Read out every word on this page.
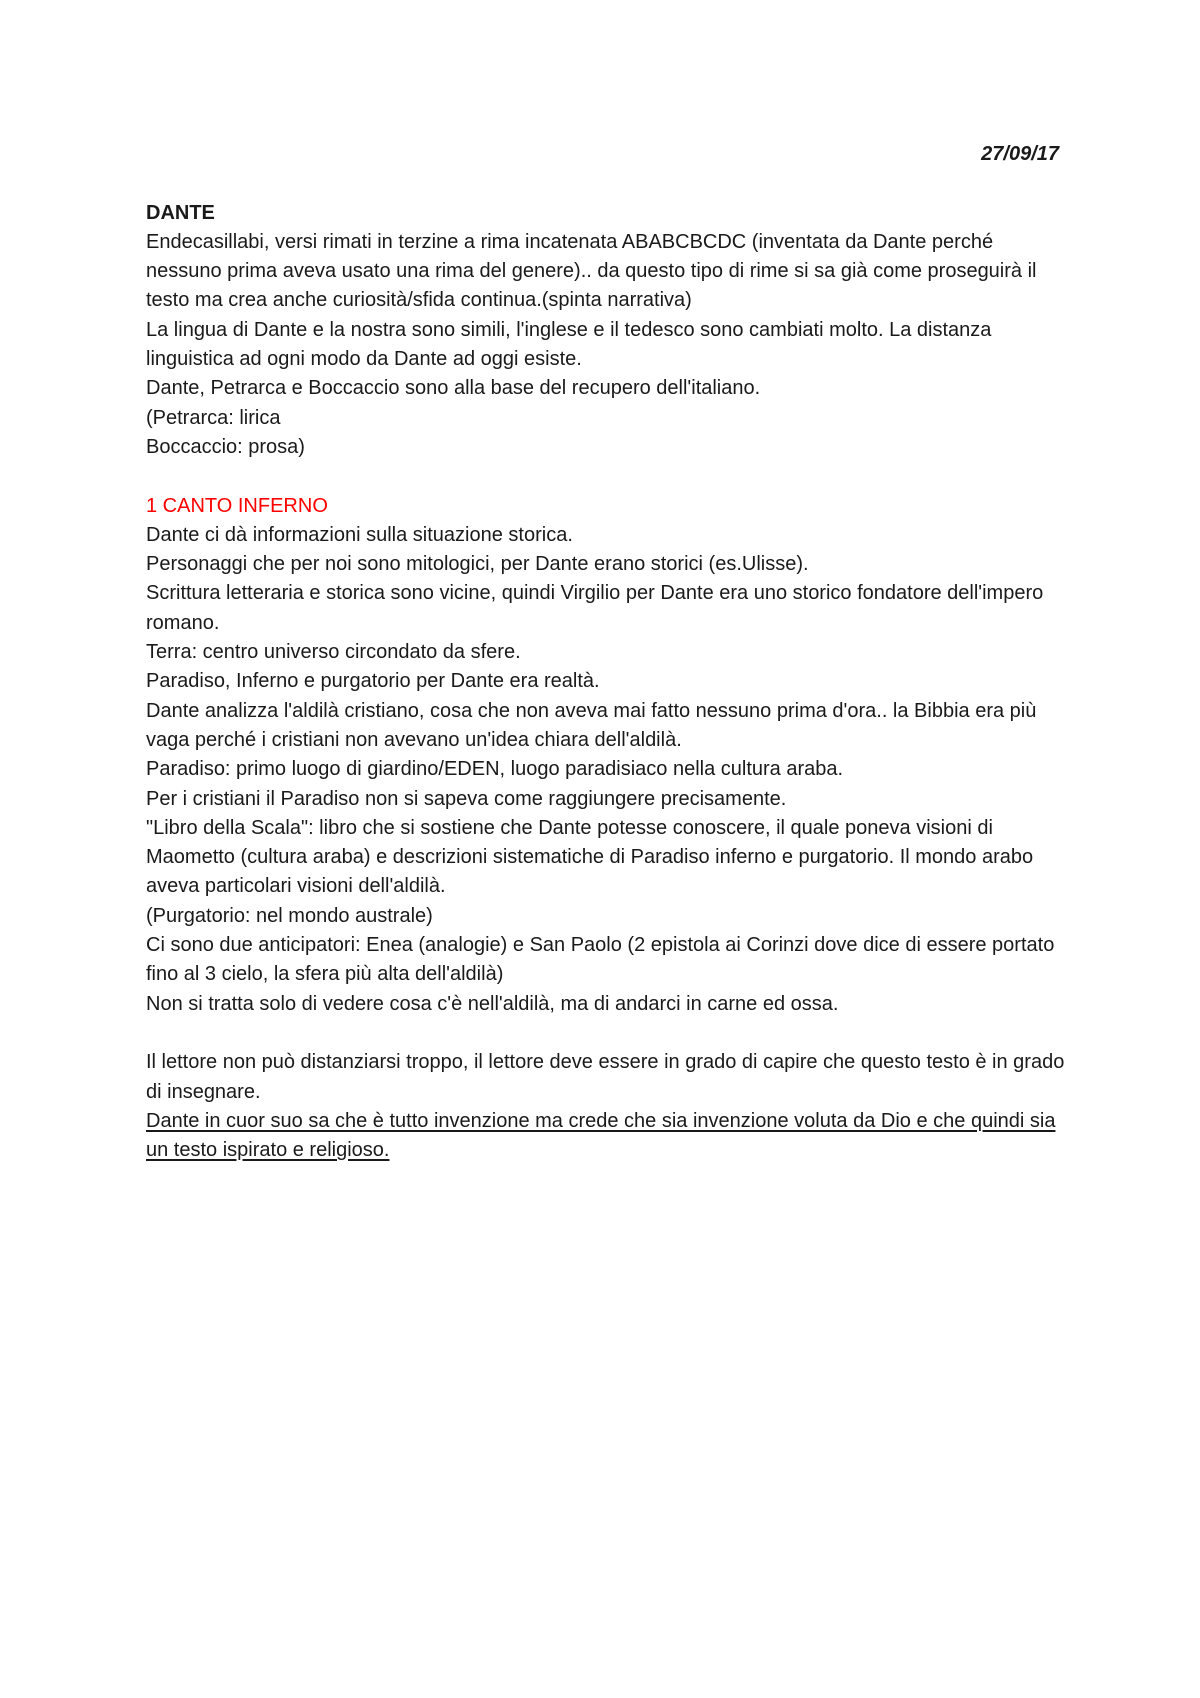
27/09/17

DANTE

Endecasillabi, versi rimati in terzine a rima incatenata ABABCBCDC (inventata da Dante perché nessuno prima aveva usato una rima del genere).. da questo tipo di rime si sa già come proseguirà il testo ma crea anche curiosità/sfida continua.(spinta narrativa)

La lingua di Dante e la nostra sono simili, l'inglese e il tedesco sono cambiati molto. La distanza linguistica ad ogni modo da Dante ad oggi esiste.

Dante, Petrarca e Boccaccio sono alla base del recupero dell'italiano.

(Petrarca: lirica

Boccaccio: prosa)

1 CANTO INFERNO

Dante ci dà informazioni sulla situazione storica.

Personaggi che per noi sono mitologici, per Dante erano storici (es.Ulisse).

Scrittura letteraria e storica sono vicine, quindi Virgilio per Dante era uno storico fondatore dell'impero romano.

Terra: centro universo circondato da sfere.

Paradiso, Inferno e purgatorio per Dante era realtà.

Dante analizza l'aldilà cristiano, cosa che non aveva mai fatto nessuno prima d'ora.. la Bibbia era più vaga perché i cristiani non avevano un'idea chiara dell'aldilà.

Paradiso: primo luogo di giardino/EDEN, luogo paradisiaco nella cultura araba.

Per i cristiani il Paradiso non si sapeva come raggiungere precisamente.

"Libro della Scala": libro che si sostiene che Dante potesse conoscere, il quale poneva visioni di Maometto (cultura araba) e descrizioni sistematiche di Paradiso inferno e purgatorio. Il mondo arabo aveva particolari visioni dell'aldilà.

(Purgatorio: nel mondo australe)

Ci sono due anticipatori: Enea (analogie) e San Paolo (2 epistola ai Corinzi dove dice di essere portato fino al 3 cielo, la sfera più alta dell'aldilà)

Non si tratta solo di vedere cosa c'è nell'aldilà, ma di andarci in carne ed ossa.

Il lettore non può distanziarsi troppo, il lettore deve essere in grado di capire che questo testo è in grado di insegnare.

Dante in cuor suo sa che è tutto invenzione ma crede che sia invenzione voluta da Dio e che quindi sia un testo ispirato e religioso.
